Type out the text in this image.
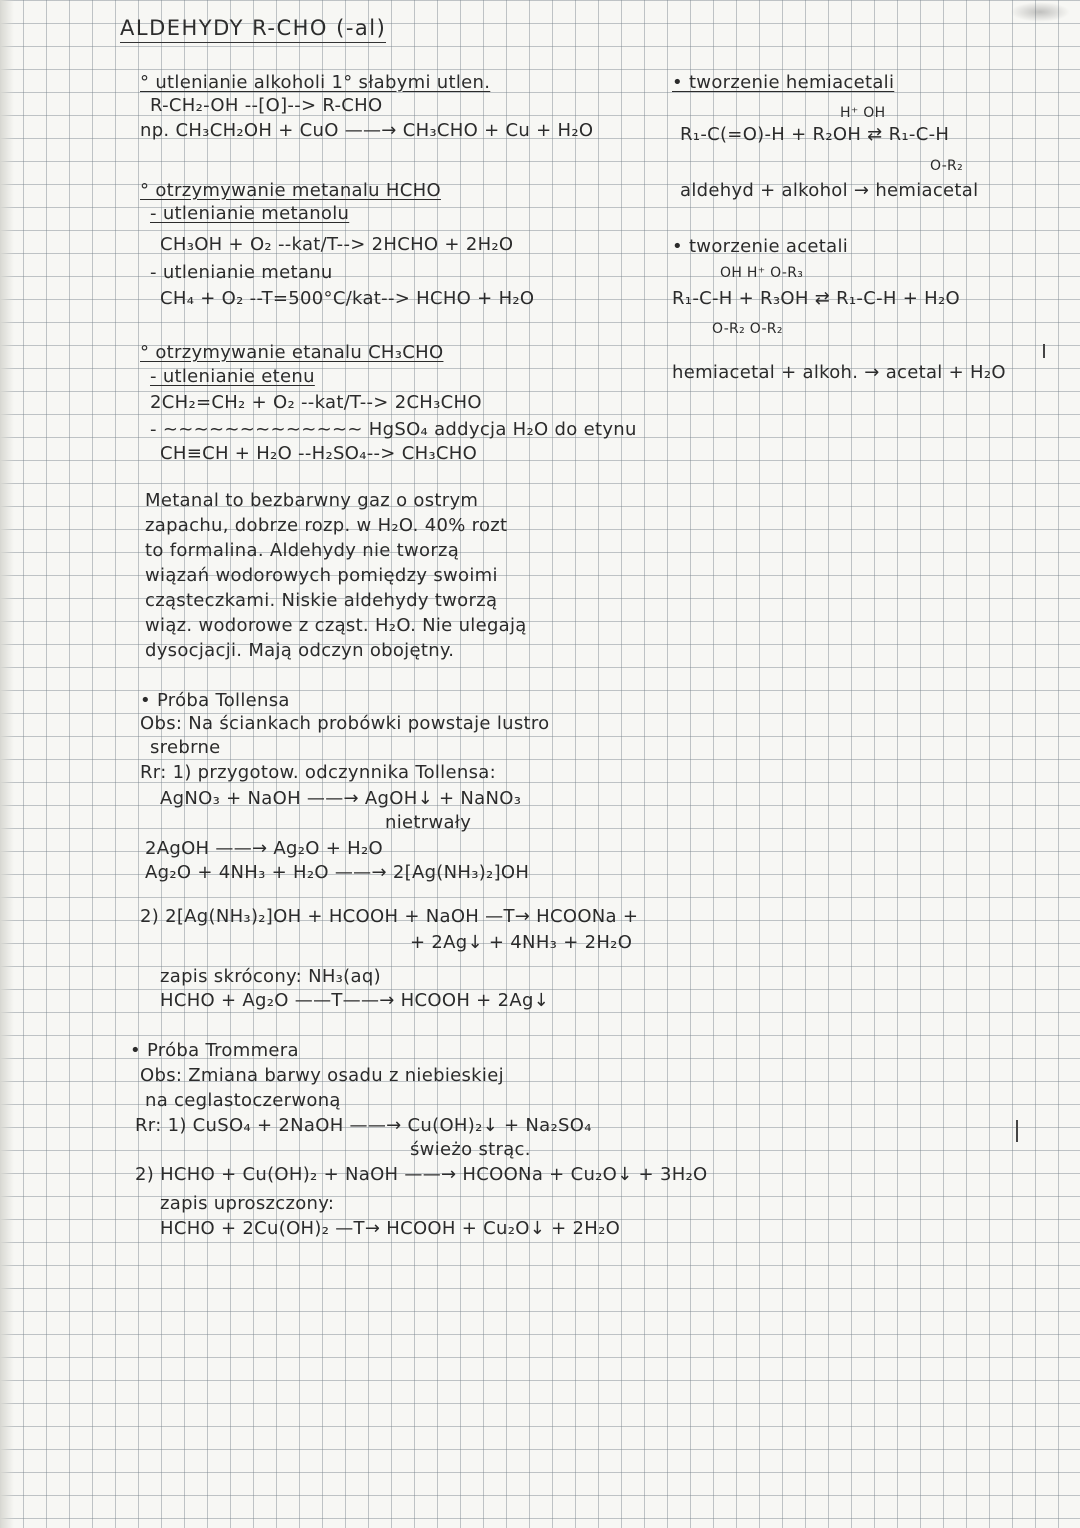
ALDEHYDY R-CHO (-al)
° utlenianie alkoholi 1° słabymi utlen.
R-CH₂-OH --[O]--> R-CHO
np. CH₃CH₂OH + CuO ——→ CH₃CHO + Cu + H₂O
° otrzymywanie metanalu HCHO
- utlenianie metanolu
CH₃OH + O₂ --kat/T--> 2HCHO + 2H₂O
- utlenianie metanu
CH₄ + O₂ --T=500°C/kat--> HCHO + H₂O
° otrzymywanie etanalu CH₃CHO
- utlenianie etenu
2CH₂=CH₂ + O₂ --kat/T--> 2CH₃CHO
- ~~~~~~~~~~~~~ HgSO₄ addycja H₂O do etynu
CH≡CH + H₂O --H₂SO₄--> CH₃CHO
Metanal to bezbarwny gaz o ostrym
zapachu, dobrze rozp. w H₂O. 40% rozt
to formalina. Aldehydy nie tworzą
wiązań wodorowych pomiędzy swoimi
cząsteczkami. Niskie aldehydy tworzą
wiąz. wodorowe z cząst. H₂O. Nie ulegają
dysocjacji. Mają odczyn obojętny.
• Próba Tollensa
Obs: Na ściankach probówki powstaje lustro
srebrne
Rr: 1) przygotow. odczynnika Tollensa:
AgNO₃ + NaOH ——→ AgOH↓ + NaNO₃
nietrwały
2AgOH ——→ Ag₂O + H₂O
Ag₂O + 4NH₃ + H₂O ——→ 2[Ag(NH₃)₂]OH
2) 2[Ag(NH₃)₂]OH + HCOOH + NaOH —T→ HCOONa +
+ 2Ag↓ + 4NH₃ + 2H₂O
zapis skrócony: NH₃(aq)
HCHO + Ag₂O ——T——→ HCOOH + 2Ag↓
• Próba Trommera
Obs: Zmiana barwy osadu z niebieskiej
na ceglastoczerwoną
Rr: 1) CuSO₄ + 2NaOH ——→ Cu(OH)₂↓ + Na₂SO₄
świeżo strąc.
2) HCHO + Cu(OH)₂ + NaOH ——→ HCOONa + Cu₂O↓ + 3H₂O
zapis uproszczony:
HCHO + 2Cu(OH)₂ —T→ HCOOH + Cu₂O↓ + 2H₂O
• tworzenie hemiacetali
H⁺ OH
R₁-C(=O)-H + R₂OH ⇄ R₁-C-H
O-R₂
aldehyd + alkohol → hemiacetal
• tworzenie acetali
OH H⁺ O-R₃
R₁-C-H + R₃OH ⇄ R₁-C-H + H₂O
O-R₂ O-R₂
hemiacetal + alkoh. → acetal + H₂O
